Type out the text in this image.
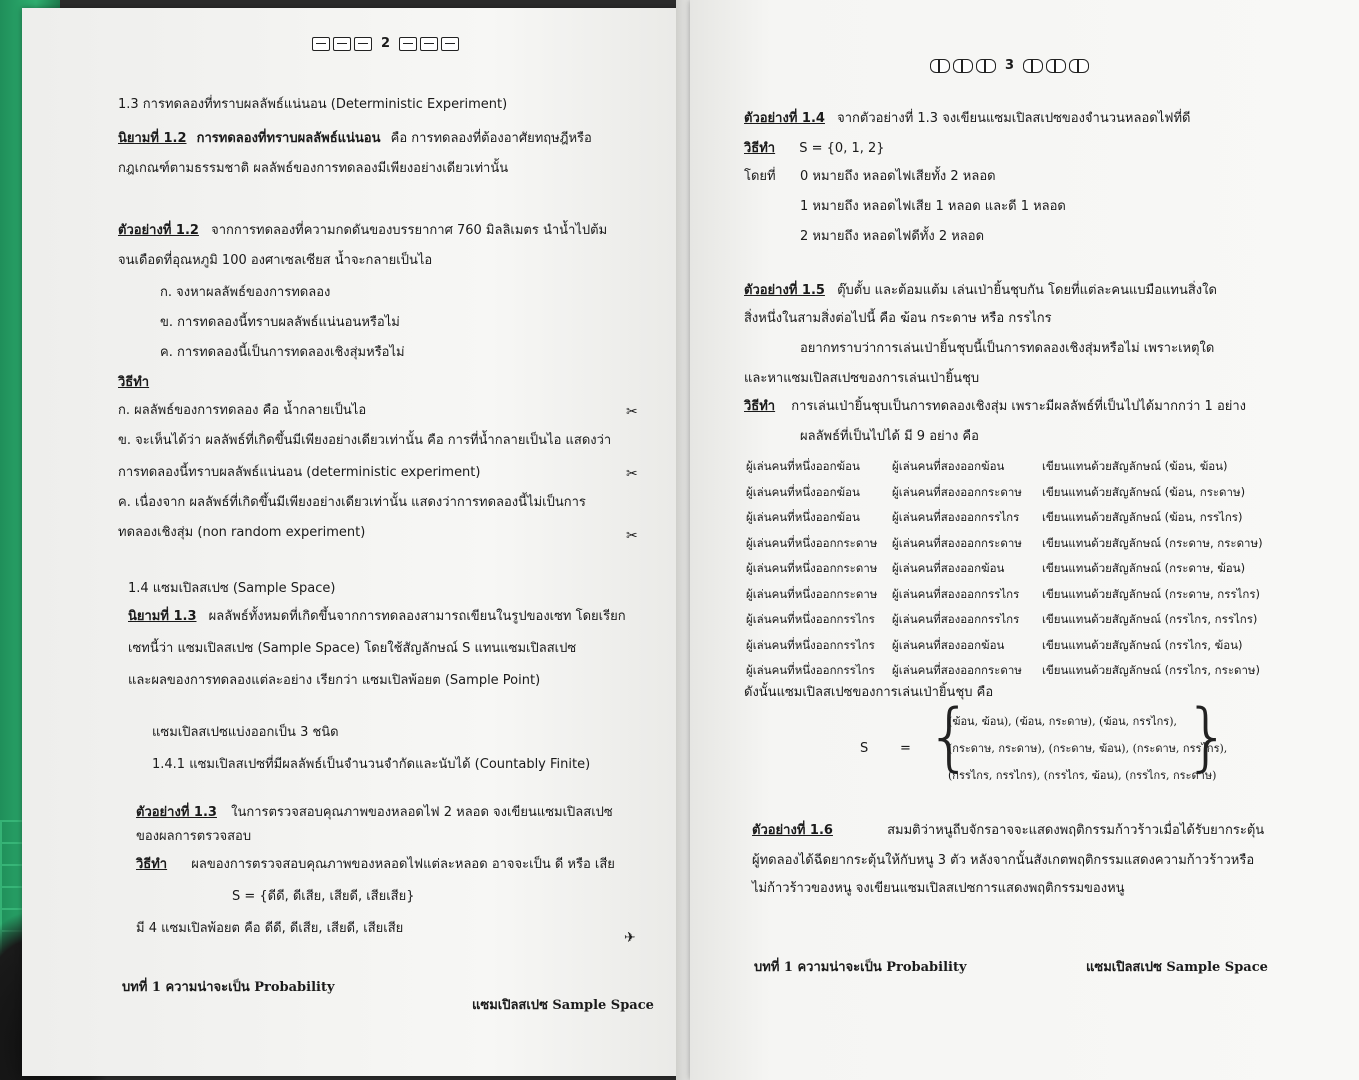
2
1.3 การทดลองที่ทราบผลลัพธ์แน่นอน (Deterministic Experiment)
นิยามที่ 1.2 การทดลองที่ทราบผลลัพธ์แน่นอน คือ การทดลองที่ต้องอาศัยทฤษฎีหรือ
กฎเกณฑ์ตามธรรมชาติ ผลลัพธ์ของการทดลองมีเพียงอย่างเดียวเท่านั้น
ตัวอย่างที่ 1.2 จากการทดลองที่ความกดดันของบรรยากาศ 760 มิลลิเมตร นำน้ำไปต้ม
จนเดือดที่อุณหภูมิ 100 องศาเซลเซียส น้ำจะกลายเป็นไอ
ก. จงหาผลลัพธ์ของการทดลอง
ข. การทดลองนี้ทราบผลลัพธ์แน่นอนหรือไม่
ค. การทดลองนี้เป็นการทดลองเชิงสุ่มหรือไม่
วิธีทำ
ก. ผลลัพธ์ของการทดลอง คือ น้ำกลายเป็นไอ	✂
ข. จะเห็นได้ว่า ผลลัพธ์ที่เกิดขึ้นมีเพียงอย่างเดียวเท่านั้น คือ การที่น้ำกลายเป็นไอ แสดงว่า
การทดลองนี้ทราบผลลัพธ์แน่นอน (deterministic experiment)	✂
ค. เนื่องจาก ผลลัพธ์ที่เกิดขึ้นมีเพียงอย่างเดียวเท่านั้น แสดงว่าการทดลองนี้ไม่เป็นการ
ทดลองเชิงสุ่ม (non random experiment)	✂
1.4 แซมเปิลสเปซ (Sample Space)
นิยามที่ 1.3 ผลลัพธ์ทั้งหมดที่เกิดขึ้นจากการทดลองสามารถเขียนในรูปของเซท โดยเรียก
เซทนี้ว่า แซมเปิลสเปซ (Sample Space) โดยใช้สัญลักษณ์ S แทนแซมเปิลสเปซ
และผลของการทดลองแต่ละอย่าง เรียกว่า แซมเปิลพ้อยต (Sample Point)
แซมเปิลสเปซแบ่งออกเป็น 3 ชนิด
1.4.1 แซมเปิลสเปซที่มีผลลัพธ์เป็นจำนวนจำกัดและนับได้ (Countably Finite)
ตัวอย่างที่ 1.3 ในการตรวจสอบคุณภาพของหลอดไฟ 2 หลอด จงเขียนแซมเปิลสเปซ
ของผลการตรวจสอบ
วิธีทำ ผลของการตรวจสอบคุณภาพของหลอดไฟแต่ละหลอด อาจจะเป็น ดี หรือ เสีย
S = {ดีดี, ดีเสีย, เสียดี, เสียเสีย}
มี 4 แซมเปิลพ้อยต คือ ดีดี, ดีเสีย, เสียดี, เสียเสีย
✈
บทที่ 1 ความน่าจะเป็น Probability
แซมเปิลสเปซ Sample Space
3
ตัวอย่างที่ 1.4 จากตัวอย่างที่ 1.3 จงเขียนแซมเปิลสเปซของจำนวนหลอดไฟที่ดี
วิธีทำ S = {0, 1, 2}
โดยที่ 0 หมายถึง หลอดไฟเสียทั้ง 2 หลอด
1 หมายถึง หลอดไฟเสีย 1 หลอด และดี 1 หลอด
2 หมายถึง หลอดไฟดีทั้ง 2 หลอด
ตัวอย่างที่ 1.5 ตุ๊บตั้บ และต้อมแต้ม เล่นเป่ายิ้นชุบกัน โดยที่แต่ละคนแบมือแทนสิ่งใด
สิ่งหนึ่งในสามสิ่งต่อไปนี้ คือ ฆ้อน กระดาษ หรือ กรรไกร
อยากทราบว่าการเล่นเป่ายิ้นชุบนี้เป็นการทดลองเชิงสุ่มหรือไม่ เพราะเหตุใด
และหาแซมเปิลสเปซของการเล่นเป่ายิ้นชุบ
วิธีทำ การเล่นเป่ายิ้นชุบเป็นการทดลองเชิงสุ่ม เพราะมีผลลัพธ์ที่เป็นไปได้มากกว่า 1 อย่าง
ผลลัพธ์ที่เป็นไปได้ มี 9 อย่าง คือ
ผู้เล่นคนที่หนึ่งออกฆ้อน	ผู้เล่นคนที่สองออกฆ้อน	เขียนแทนด้วยสัญลักษณ์ (ฆ้อน, ฆ้อน)
ผู้เล่นคนที่หนึ่งออกฆ้อน	ผู้เล่นคนที่สองออกกระดาษ	เขียนแทนด้วยสัญลักษณ์ (ฆ้อน, กระดาษ)
ผู้เล่นคนที่หนึ่งออกฆ้อน	ผู้เล่นคนที่สองออกกรรไกร	เขียนแทนด้วยสัญลักษณ์ (ฆ้อน, กรรไกร)
ผู้เล่นคนที่หนึ่งออกกระดาษ	ผู้เล่นคนที่สองออกกระดาษ	เขียนแทนด้วยสัญลักษณ์ (กระดาษ, กระดาษ)
ผู้เล่นคนที่หนึ่งออกกระดาษ	ผู้เล่นคนที่สองออกฆ้อน	เขียนแทนด้วยสัญลักษณ์ (กระดาษ, ฆ้อน)
ผู้เล่นคนที่หนึ่งออกกระดาษ	ผู้เล่นคนที่สองออกกรรไกร	เขียนแทนด้วยสัญลักษณ์ (กระดาษ, กรรไกร)
ผู้เล่นคนที่หนึ่งออกกรรไกร	ผู้เล่นคนที่สองออกกรรไกร	เขียนแทนด้วยสัญลักษณ์ (กรรไกร, กรรไกร)
ผู้เล่นคนที่หนึ่งออกกรรไกร	ผู้เล่นคนที่สองออกฆ้อน	เขียนแทนด้วยสัญลักษณ์ (กรรไกร, ฆ้อน)
ผู้เล่นคนที่หนึ่งออกกรรไกร	ผู้เล่นคนที่สองออกกระดาษ	เขียนแทนด้วยสัญลักษณ์ (กรรไกร, กระดาษ)
ดังนั้นแซมเปิลสเปซของการเล่นเป่ายิ้นชุบ คือ
S = {
(ฆ้อน, ฆ้อน), (ฆ้อน, กระดาษ), (ฆ้อน, กรรไกร),
(กระดาษ, กระดาษ), (กระดาษ, ฆ้อน), (กระดาษ, กรรไกร),
(กรรไกร, กรรไกร), (กรรไกร, ฆ้อน), (กรรไกร, กระดาษ)
}
ตัวอย่างที่ 1.6	สมมติว่าหนูถีบจักรอาจจะแสดงพฤติกรรมก้าวร้าวเมื่อได้รับยากระตุ้น
ผู้ทดลองได้ฉีดยากระตุ้นให้กับหนู 3 ตัว หลังจากนั้นสังเกตพฤติกรรมแสดงความก้าวร้าวหรือ
ไม่ก้าวร้าวของหนู จงเขียนแซมเปิลสเปซการแสดงพฤติกรรมของหนู
บทที่ 1 ความน่าจะเป็น Probability	แซมเปิลสเปซ Sample Space
